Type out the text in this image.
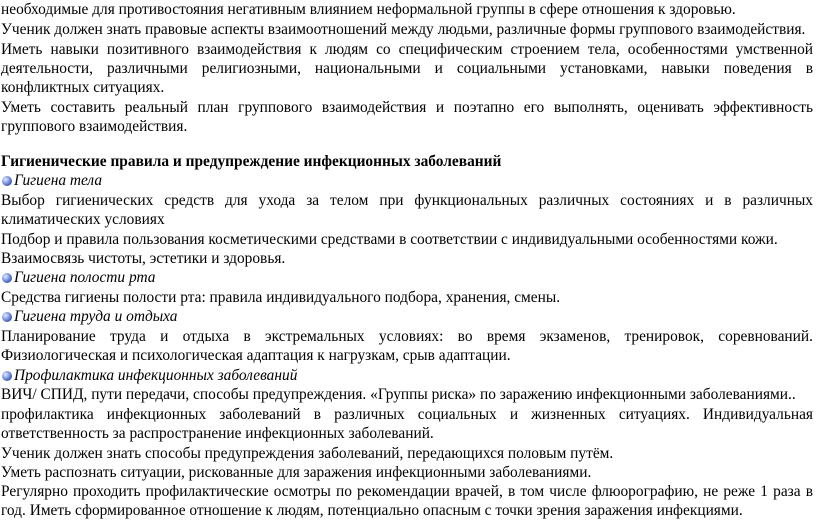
необходимые для противостояния негативным влиянием неформальной группы в сфере отношения к здоровью.
Ученик должен знать правовые аспекты взаимоотношений между людьми, различные формы группового взаимодействия.
Иметь навыки позитивного взаимодействия к людям со специфическим строением тела, особенностями умственной
деятельности, различными религиозными, национальными и социальными установками, навыки поведения в
конфликтных ситуациях.
Уметь составить реальный план группового взаимодействия и поэтапно его выполнять, оценивать эффективность
группового взаимодействия.
Гигиенические правила и предупреждение инфекционных заболеваний
Гигиена тела
Выбор гигиенических средств для ухода за телом при функциональных различных состояниях и в различных
климатических условиях
Подбор и правила пользования косметическими средствами в соответствии с индивидуальными особенностями кожи.
Взаимосвязь чистоты, эстетики и здоровья.
Гигиена полости рта
Средства гигиены полости рта: правила индивидуального подбора, хранения, смены.
Гигиена труда и отдыха
Планирование труда и отдыха в экстремальных условиях: во время экзаменов, тренировок, соревнований.
Физиологическая и психологическая адаптация к нагрузкам, срыв адаптации.
Профилактика инфекционных заболеваний
ВИЧ/ СПИД, пути передачи, способы предупреждения. «Группы риска» по заражению инфекционными заболеваниями..
профилактика инфекционных заболеваний в различных социальных и жизненных ситуациях. Индивидуальная
ответственность за распространение инфекционных заболеваний.
Ученик должен знать способы предупреждения заболеваний, передающихся половым путём.
Уметь распознать ситуации, рискованные для заражения инфекционными заболеваниями.
Регулярно проходить профилактические осмотры по рекомендации врачей, в том числе флюорографию, не реже 1 раза в
год. Иметь сформированное отношение к людям, потенциально опасным с точки зрения заражения инфекциями.
